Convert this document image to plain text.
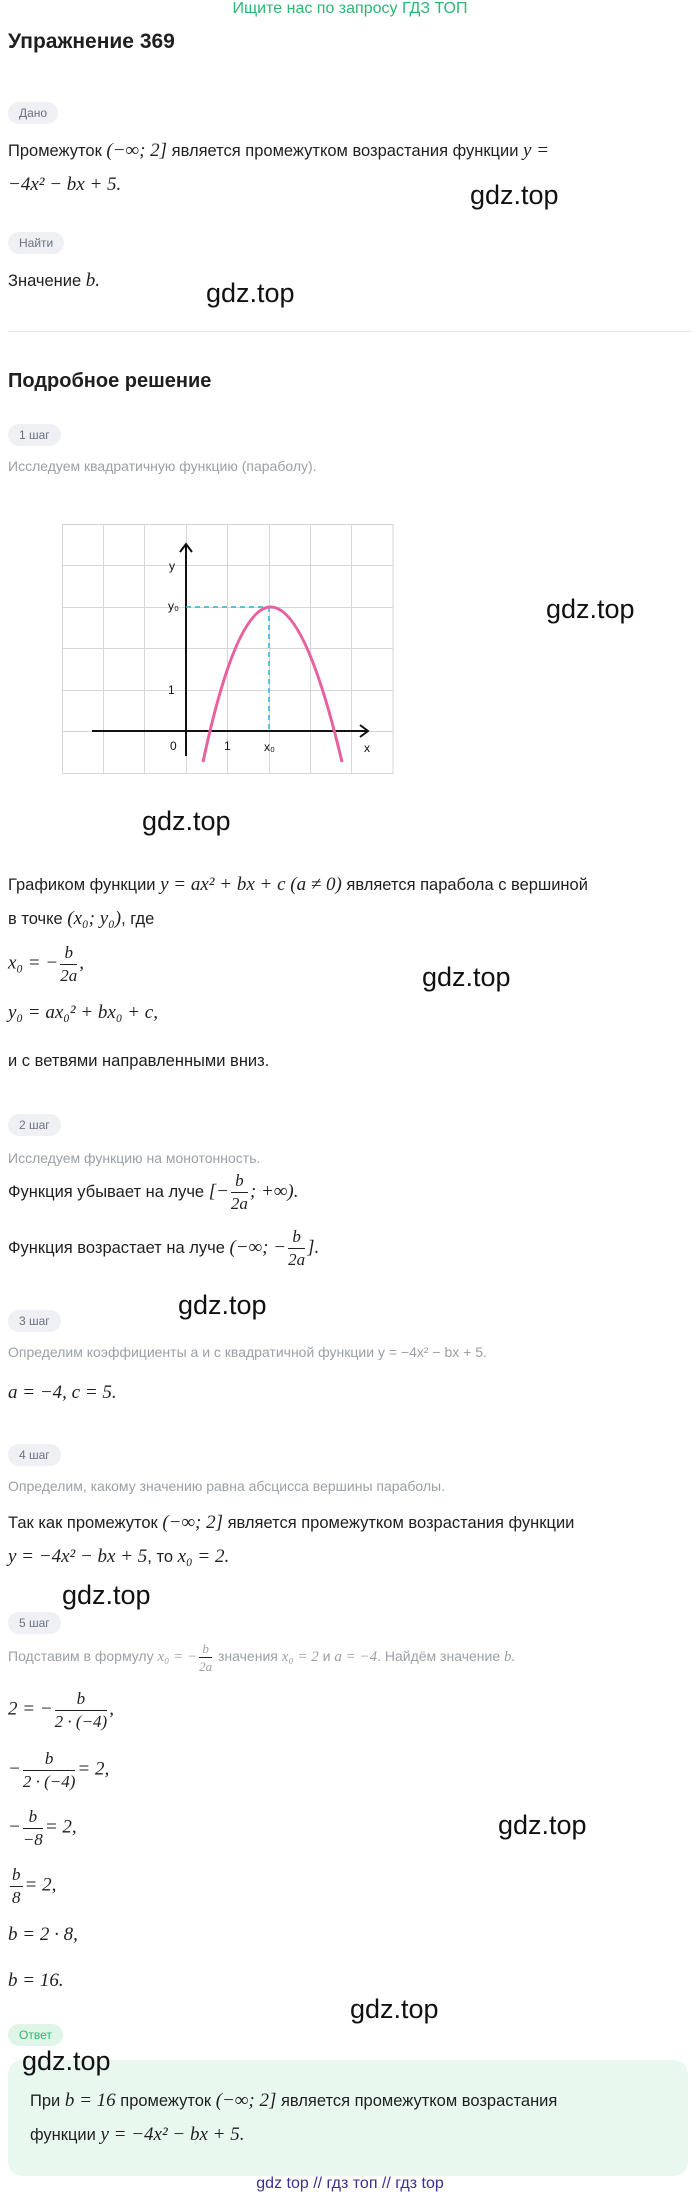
Ищите нас по запросу ГДЗ ТОП
Упражнение 369
Дано
Промежуток (−∞; 2] является промежутком возрастания функции y =
−4x² − bx + 5.
Найти
Значение b.
Подробное решение
1 шаг
Исследуем квадратичную функцию (параболу).
y
y₀
1
0	1	x₀	x
Графиком функции y = ax² + bx + c (a ≠ 0) является парабола с вершиной
в точке (x₀; y₀), где
x₀ = − $\frac{b}{2a}$ ,
y₀ = ax₀² + bx₀ + c,
и с ветвями направленными вниз.
2 шаг
Исследуем функцию на монотонность.
Функция убывает на луче [− $\frac{b}{2a}$ ; +∞).
Функция возрастает на луче (−∞; − $\frac{b}{2a}$ ].
3 шаг
Определим коэффициенты a и c квадратичной функции y = −4x² − bx + 5.
a = −4, c = 5.
4 шаг
Определим, какому значению равна абсцисса вершины параболы.
Так как промежуток (−∞; 2] является промежутком возрастания функции
y = −4x² − bx + 5, то x₀ = 2.
5 шаг
Подставим в формулу x₀ = − $\frac{b}{2a}$ значения x₀ = 2 и a = −4. Найдём значение b.
2 = − $\frac{b}{2 \cdot (-4)}$ ,
− $\frac{b}{2 \cdot (-4)} = 2$,
− $\frac{b}{-8} = 2$,
$\frac{b}{8} = 2$,
b = 2 · 8,
b = 16.
Ответ
При b = 16 промежуток (−∞; 2] является промежутком возрастания
функции y = −4x² − bx + 5.
gdz.top
gdz.top
gdz.top
gdz.top
gdz.top
gdz.top
gdz.top
gdz.top
gdz.top
gdz.top
gdz top // гдз топ // гдз top
